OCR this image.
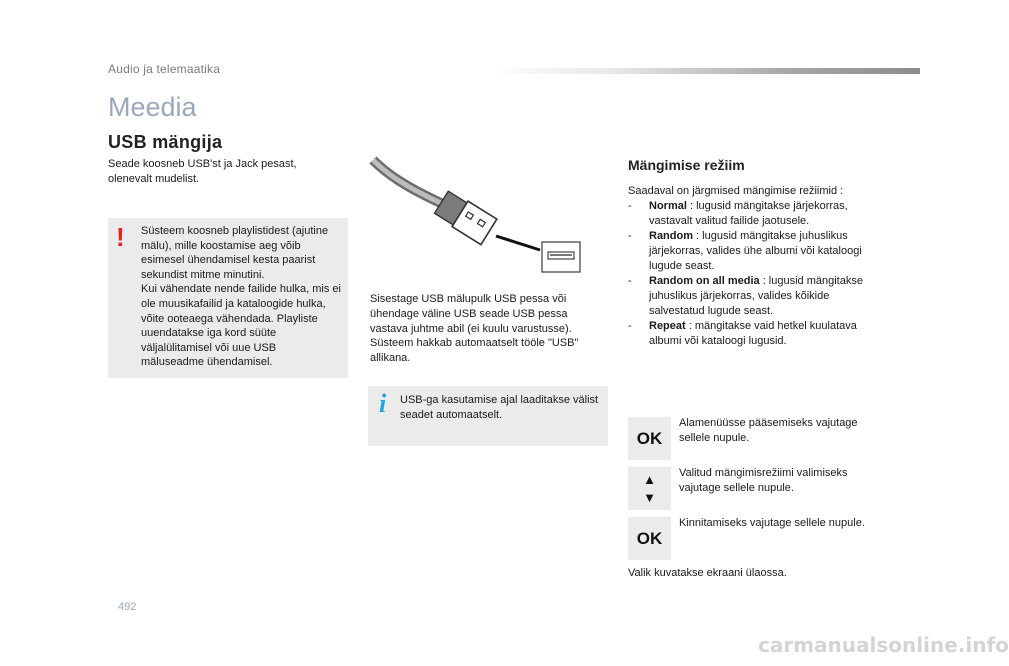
Audio ja telemaatika
Meedia
USB mängija
Seade koosneb USB'st ja Jack pesast, olenevalt mudelist.
! Süsteem koosneb playlistidest (ajutine mälu), mille koostamise aeg võib esimesel ühendamisel kesta paarist sekundist mitme minutini.
Kui vähendate nende failide hulka, mis ei ole muusikafailid ja kataloogide hulka, võite ooteaega vähendada. Playliste uuendatakse iga kord süüte väljalülitamisel või uue USB mäluseadme ühendamisel.
Sisestage USB mälupulk USB pessa või ühendage väline USB seade USB pessa vastava juhtme abil (ei kuulu varustusse).
Süsteem hakkab automaatselt tööle "USB" allikana.
i USB-ga kasutamise ajal laaditakse välist seadet automaatselt.
Mängimise režiim
Saadaval on järgmised mängimise režiimid :
- Normal : lugusid mängitakse järjekorras, vastavalt valitud failide jaotusele.
- Random : lugusid mängitakse juhuslikus järjekorras, valides ühe albumi või kataloogi lugude seast.
- Random on all media : lugusid mängitakse juhuslikus järjekorras, valides kõikide salvestatud lugude seast.
- Repeat : mängitakse vaid hetkel kuulatava albumi või kataloogi lugusid.
OK
Alamenüüsse pääsemiseks vajutage sellele nupule.
▲
▼
Valitud mängimisrežiimi valimiseks vajutage sellele nupule.
OK
Kinnitamiseks vajutage sellele nupule.
Valik kuvatakse ekraani ülaossa.
492
carmanualsonline.info
